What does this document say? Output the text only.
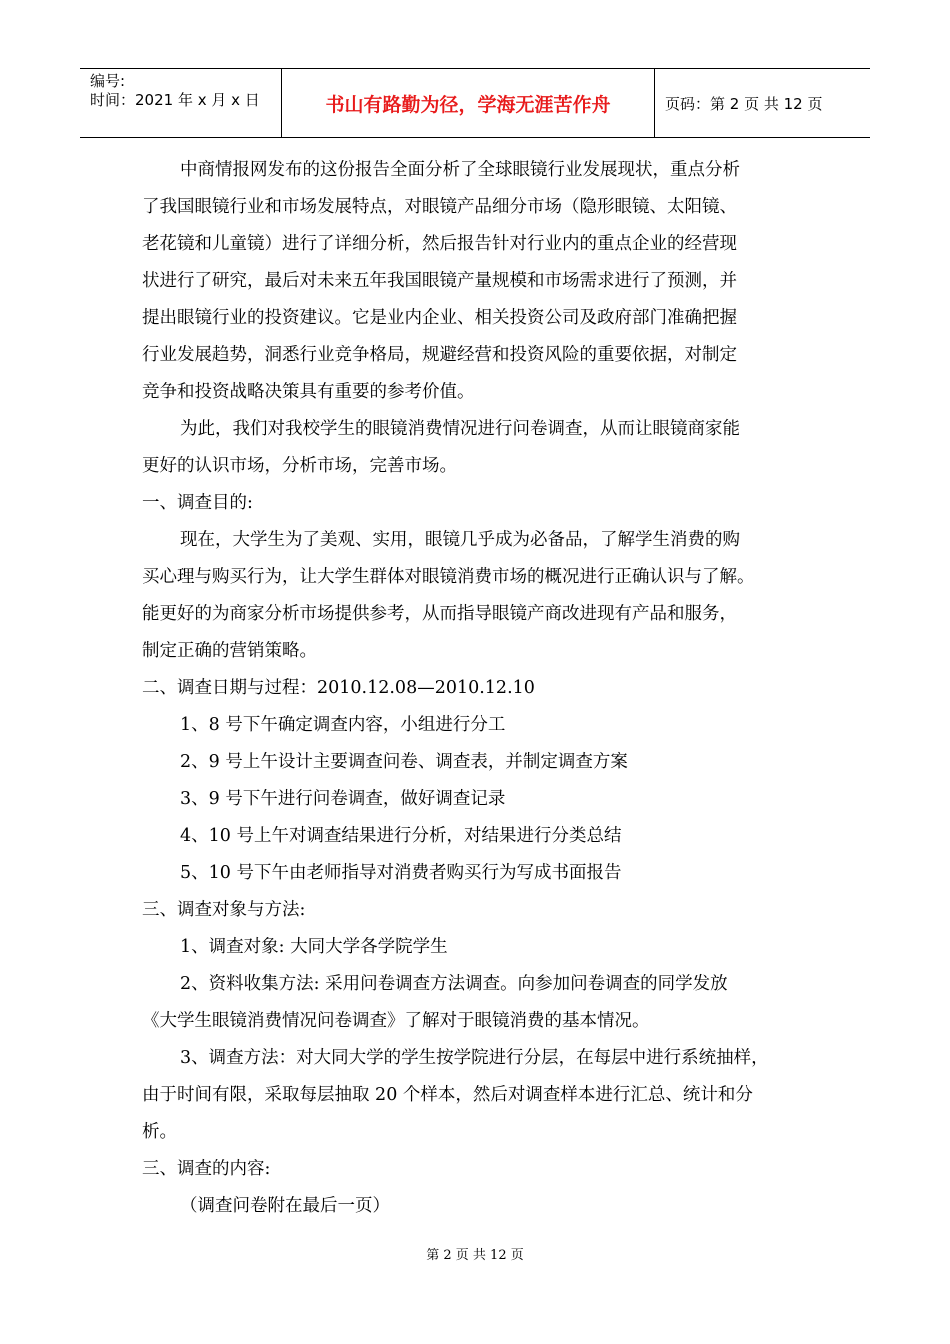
编号:
时间：2021 年 x 月 x 日	书山有路勤为径，学海无涯苦作舟	页码：第 2 页 共 12 页
中商情报网发布的这份报告全面分析了全球眼镜行业发展现状，重点分析
了我国眼镜行业和市场发展特点，对眼镜产品细分市场（隐形眼镜、太阳镜、
老花镜和儿童镜）进行了详细分析，然后报告针对行业内的重点企业的经营现
状进行了研究，最后对未来五年我国眼镜产量规模和市场需求进行了预测，并
提出眼镜行业的投资建议。它是业内企业、相关投资公司及政府部门准确把握
行业发展趋势，洞悉行业竞争格局，规避经营和投资风险的重要依据，对制定
竞争和投资战略决策具有重要的参考价值。
为此，我们对我校学生的眼镜消费情况进行问卷调查，从而让眼镜商家能
更好的认识市场，分析市场，完善市场。
一、调查目的:
现在，大学生为了美观、实用，眼镜几乎成为必备品，了解学生消费的购
买心理与购买行为，让大学生群体对眼镜消费市场的概况进行正确认识与了解。
能更好的为商家分析市场提供参考，从而指导眼镜产商改进现有产品和服务，
制定正确的营销策略。
二、调查日期与过程：2010.12.08—2010.12.10
1、8 号下午确定调查内容，小组进行分工
2、9 号上午设计主要调查问卷、调查表，并制定调查方案
3、9 号下午进行问卷调查，做好调查记录
4、10 号上午对调查结果进行分析，对结果进行分类总结
5、10 号下午由老师指导对消费者购买行为写成书面报告
三、调查对象与方法:
1、调查对象: 大同大学各学院学生
2、资料收集方法: 采用问卷调查方法调查。向参加问卷调查的同学发放
《大学生眼镜消费情况问卷调查》了解对于眼镜消费的基本情况。
3、调查方法：对大同大学的学生按学院进行分层，在每层中进行系统抽样，
由于时间有限，采取每层抽取 20 个样本，然后对调查样本进行汇总、统计和分
析。
三、调查的内容:
（调查问卷附在最后一页）
第 2 页 共 12 页
